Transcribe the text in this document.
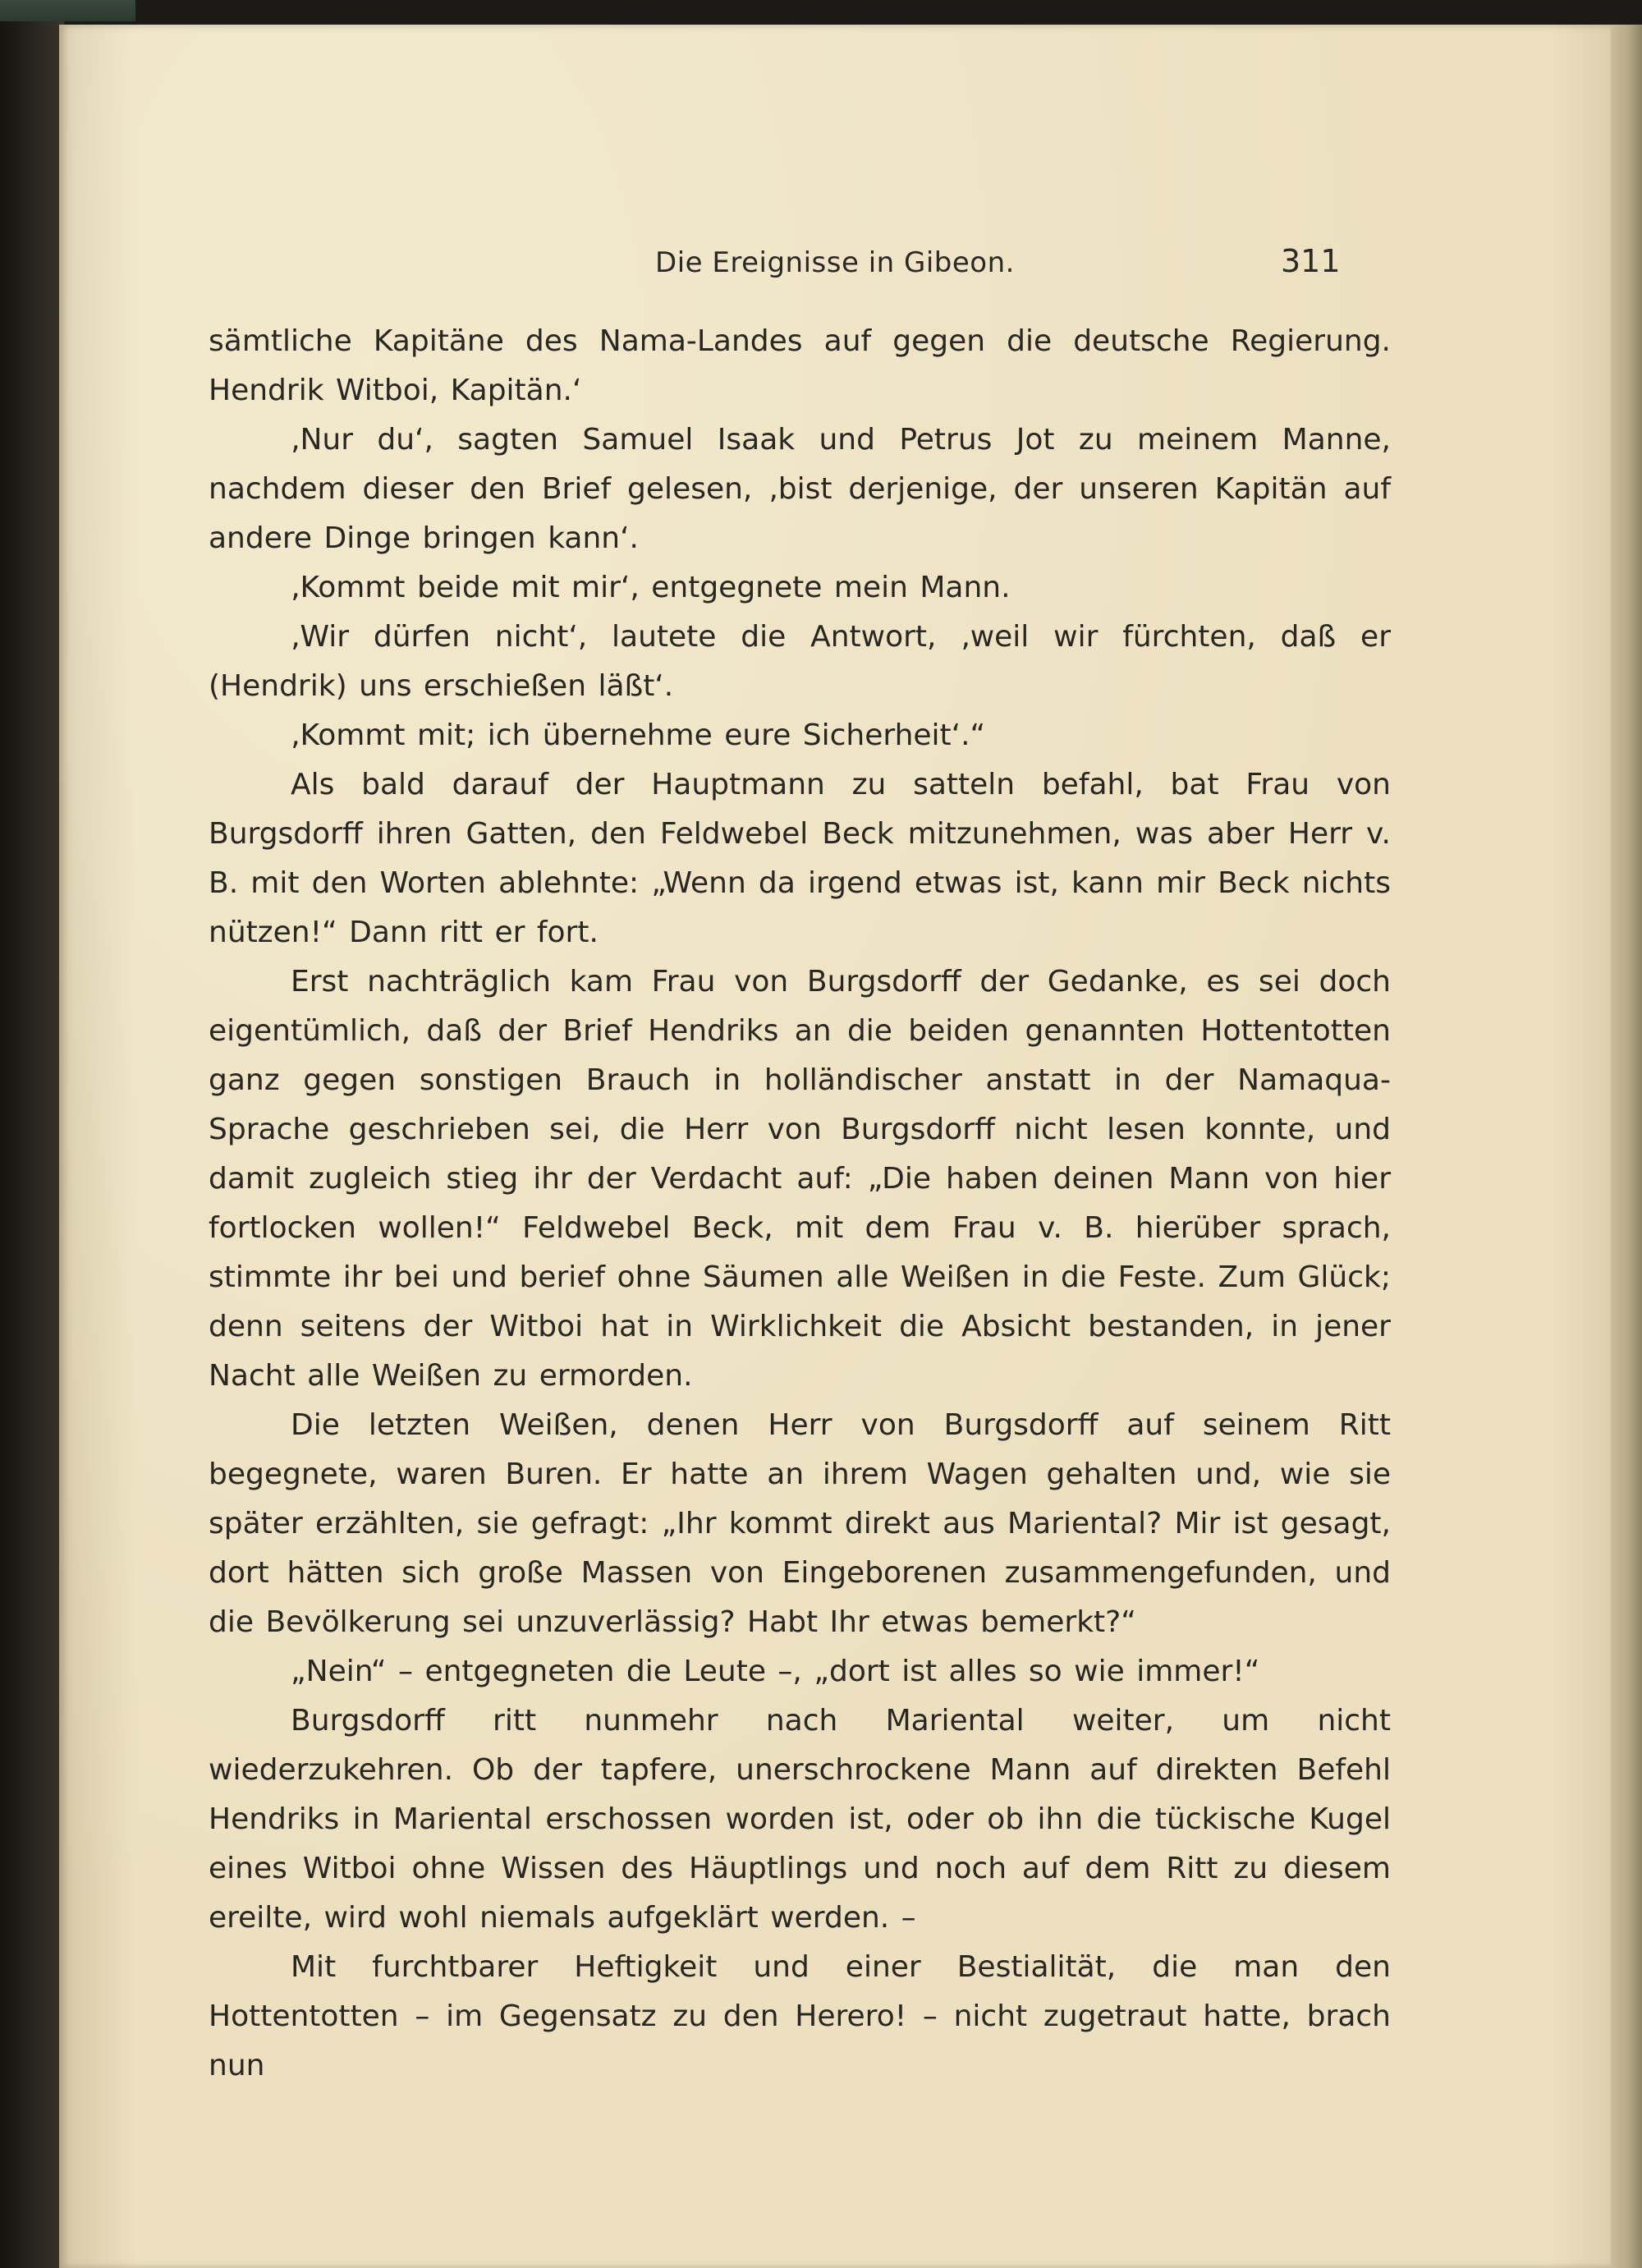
Die Ereignisse in Gibeon.	311

sämtliche Kapitäne des Nama-Landes auf gegen die deutsche Regierung. Hendrik Witboi, Kapitän.‘

‚Nur du‘, sagten Samuel Isaak und Petrus Jot zu meinem Manne, nachdem dieser den Brief gelesen, ‚bist derjenige, der unseren Kapitän auf andere Dinge bringen kann‘.

‚Kommt beide mit mir‘, entgegnete mein Mann.

‚Wir dürfen nicht‘, lautete die Antwort, ‚weil wir fürchten, daß er (Hendrik) uns erschießen läßt‘.

‚Kommt mit; ich übernehme eure Sicherheit‘.“

Als bald darauf der Hauptmann zu satteln befahl, bat Frau von Burgsdorff ihren Gatten, den Feldwebel Beck mitzunehmen, was aber Herr v. B. mit den Worten ablehnte: „Wenn da irgend etwas ist, kann mir Beck nichts nützen!“ Dann ritt er fort.

Erst nachträglich kam Frau von Burgsdorff der Gedanke, es sei doch eigentümlich, daß der Brief Hendriks an die beiden genannten Hottentotten ganz gegen sonstigen Brauch in holländischer anstatt in der Namaqua-Sprache geschrieben sei, die Herr von Burgsdorff nicht lesen konnte, und damit zugleich stieg ihr der Verdacht auf: „Die haben deinen Mann von hier fortlocken wollen!“ Feldwebel Beck, mit dem Frau v. B. hierüber sprach, stimmte ihr bei und berief ohne Säumen alle Weißen in die Feste. Zum Glück; denn seitens der Witboi hat in Wirklichkeit die Absicht bestanden, in jener Nacht alle Weißen zu ermorden.

Die letzten Weißen, denen Herr von Burgsdorff auf seinem Ritt begegnete, waren Buren. Er hatte an ihrem Wagen gehalten und, wie sie später erzählten, sie gefragt: „Ihr kommt direkt aus Mariental? Mir ist gesagt, dort hätten sich große Massen von Eingeborenen zusammengefunden, und die Bevölkerung sei unzuverlässig? Habt Ihr etwas bemerkt?“

„Nein“ – entgegneten die Leute –, „dort ist alles so wie immer!“

Burgsdorff ritt nunmehr nach Mariental weiter, um nicht wiederzukehren. Ob der tapfere, unerschrockene Mann auf direkten Befehl Hendriks in Mariental erschossen worden ist, oder ob ihn die tückische Kugel eines Witboi ohne Wissen des Häuptlings und noch auf dem Ritt zu diesem ereilte, wird wohl niemals aufgeklärt werden. –

Mit furchtbarer Heftigkeit und einer Bestialität, die man den Hottentotten – im Gegensatz zu den Herero! – nicht zugetraut hatte, brach nun
